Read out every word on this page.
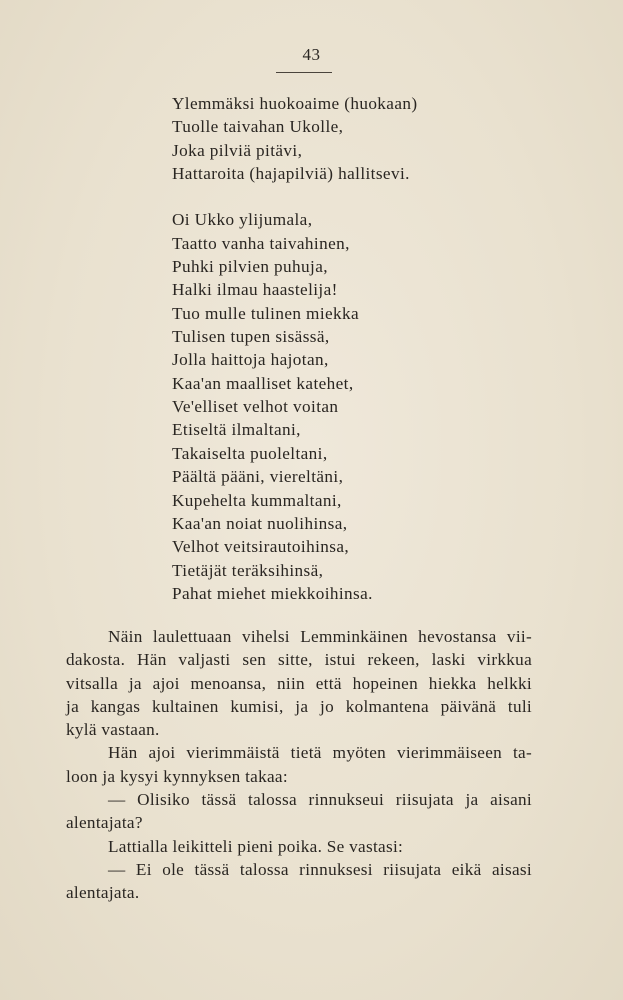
43
Ylemmäksi huokoaime (huokaan)
Tuolle taivahan Ukolle,
Joka pilviä pitävi,
Hattaroita (hajapilviä) hallitsevi.
Oi Ukko ylijumala,
Taatto vanha taivahinen,
Puhki pilvien puhuja,
Halki ilmau haastelija!
Tuo mulle tulinen miekka
Tulisen tupen sisässä,
Jolla haittoja hajotan,
Kaa'an maalliset katehet,
Ve'elliset velhot voitan
Etiseltä ilmaltani,
Takaiselta puoleltani,
Päältä pääni, viereltäni,
Kupehelta kummaltani,
Kaa'an noiat nuolihinsa,
Velhot veitsirautoihinsa,
Tietäjät teräksihinsä,
Pahat miehet miekkoihinsa.
Näin laulettuaan vihelsi Lemminkäinen hevostansa vii-
dakosta. Hän valjasti sen sitte, istui rekeen, laski virkkua
vitsalla ja ajoi menoansa, niin että hopeinen hiekka helkki
ja kangas kultainen kumisi, ja jo kolmantena päivänä tuli
kylä vastaan.
Hän ajoi vierimmäistä tietä myöten vierimmäiseen ta-
loon ja kysyi kynnyksen takaa:
— Olisiko tässä talossa rinnukseui riisujata ja aisani
alentajata?
Lattialla leikitteli pieni poika. Se vastasi:
— Ei ole tässä talossa rinnuksesi riisujata eikä aisasi
alentajata.
